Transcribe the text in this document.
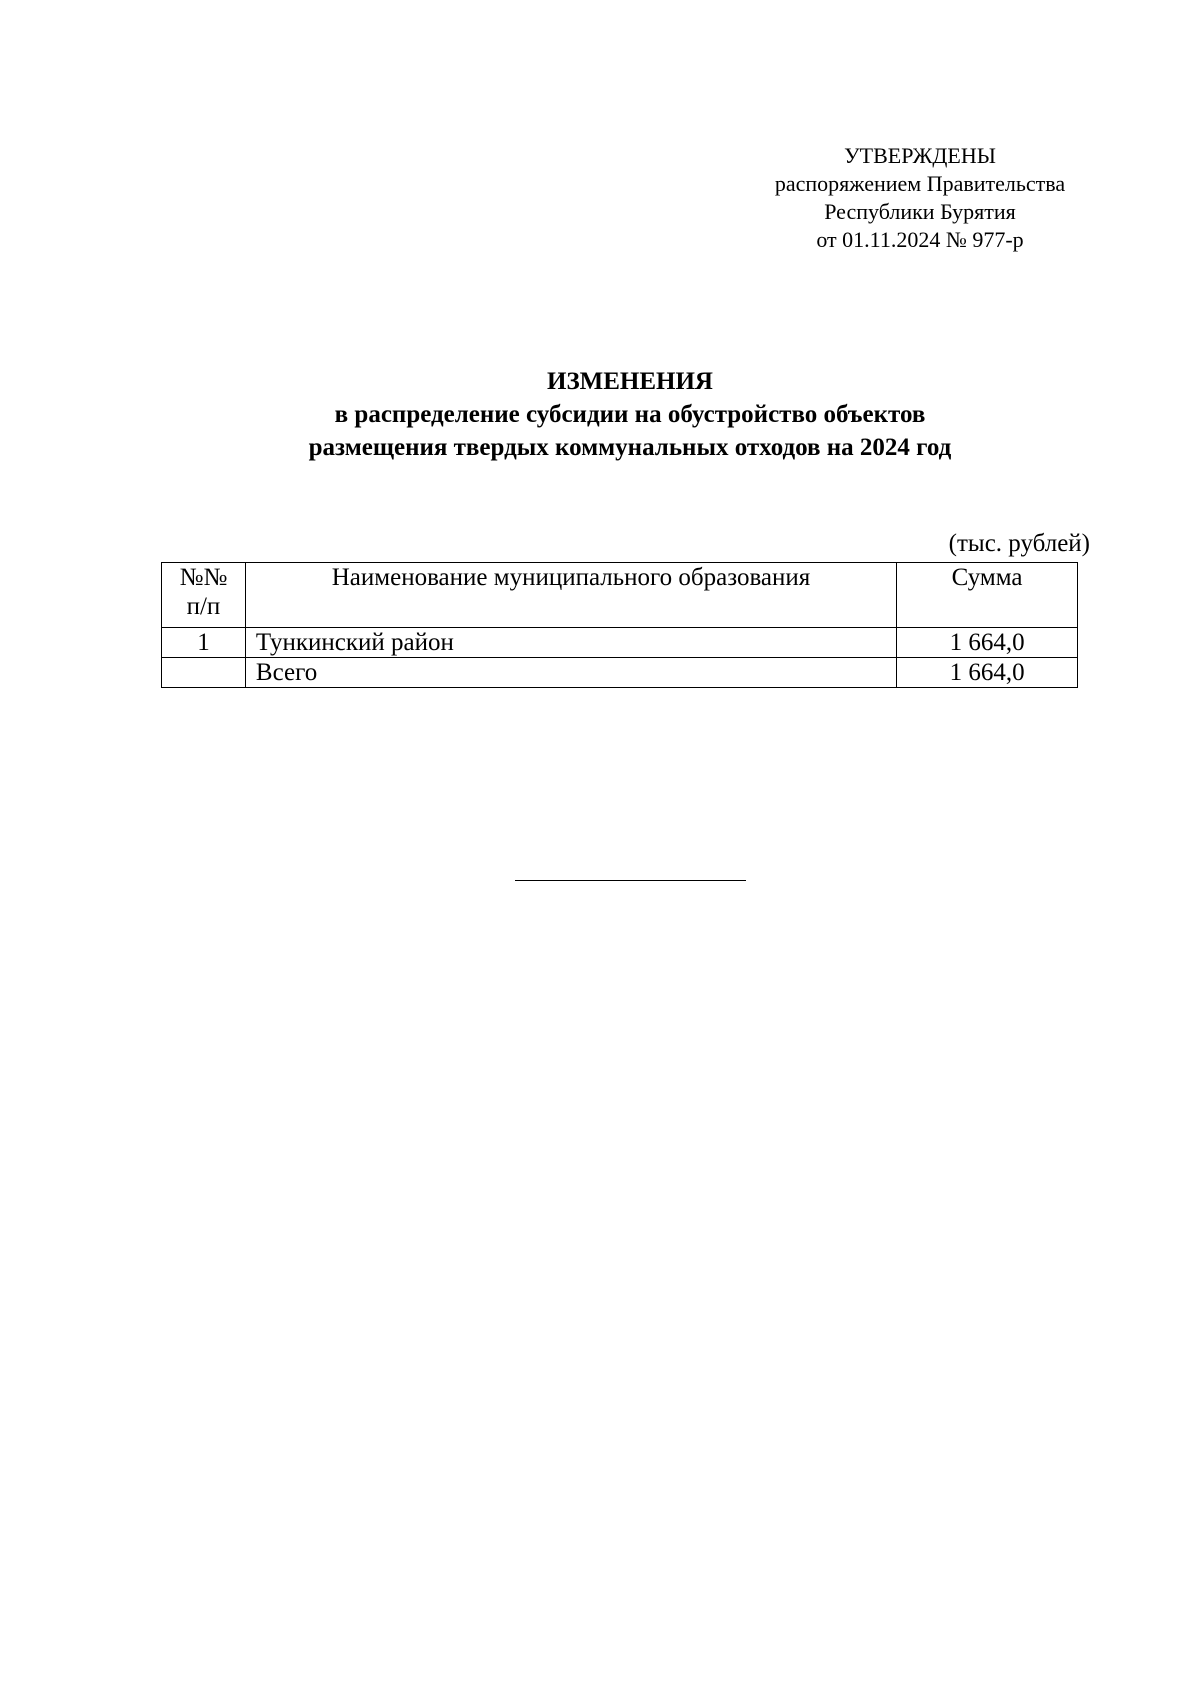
УТВЕРЖДЕНЫ
распоряжением Правительства
Республики Бурятия
от 01.11.2024 № 977-р
ИЗМЕНЕНИЯ
в распределение субсидии на обустройство объектов
размещения твердых коммунальных отходов на 2024 год
(тыс. рублей)
№№
п/п	Наименование муниципального образования	Сумма
1	Тункинский район	1 664,0
	Всего	1 664,0
